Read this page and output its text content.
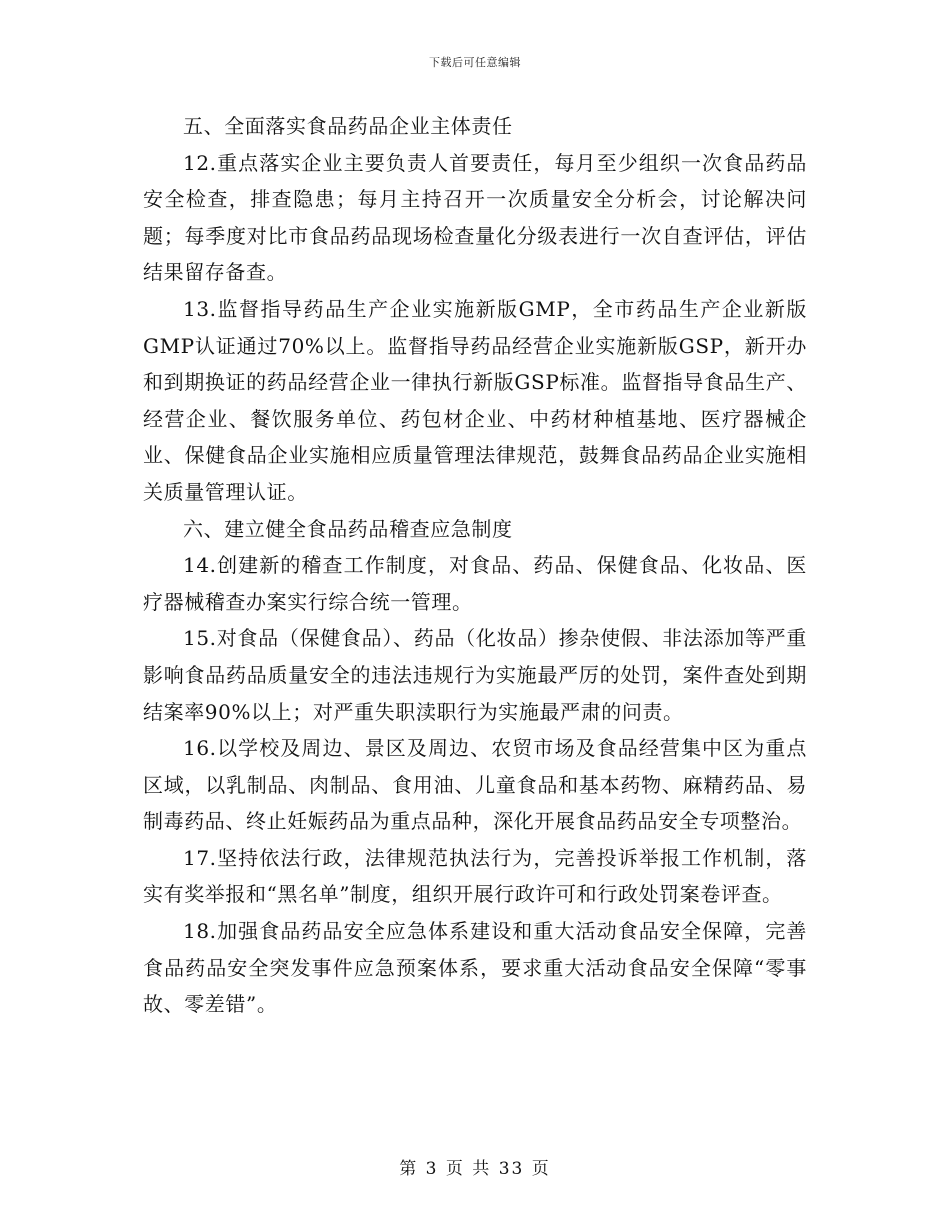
下载后可任意编辑

五、全面落实食品药品企业主体责任

12.重点落实企业主要负责人首要责任，每月至少组织一次食品药品安全检查，排查隐患；每月主持召开一次质量安全分析会，讨论解决问题；每季度对比市食品药品现场检查量化分级表进行一次自查评估，评估结果留存备查。

13.监督指导药品生产企业实施新版GMP，全市药品生产企业新版GMP认证通过70%以上。监督指导药品经营企业实施新版GSP，新开办和到期换证的药品经营企业一律执行新版GSP标准。监督指导食品生产、经营企业、餐饮服务单位、药包材企业、中药材种植基地、医疗器械企业、保健食品企业实施相应质量管理法律规范，鼓舞食品药品企业实施相关质量管理认证。

六、建立健全食品药品稽查应急制度

14.创建新的稽查工作制度，对食品、药品、保健食品、化妆品、医疗器械稽查办案实行综合统一管理。

15.对食品（保健食品）、药品（化妆品）掺杂使假、非法添加等严重影响食品药品质量安全的违法违规行为实施最严厉的处罚，案件查处到期结案率90%以上；对严重失职渎职行为实施最严肃的问责。

16.以学校及周边、景区及周边、农贸市场及食品经营集中区为重点区域，以乳制品、肉制品、食用油、儿童食品和基本药物、麻精药品、易制毒药品、终止妊娠药品为重点品种，深化开展食品药品安全专项整治。

17.坚持依法行政，法律规范执法行为，完善投诉举报工作机制，落实有奖举报和“黑名单”制度，组织开展行政许可和行政处罚案卷评查。

18.加强食品药品安全应急体系建设和重大活动食品安全保障，完善食品药品安全突发事件应急预案体系，要求重大活动食品安全保障“零事故、零差错”。

第 3 页 共 33 页
